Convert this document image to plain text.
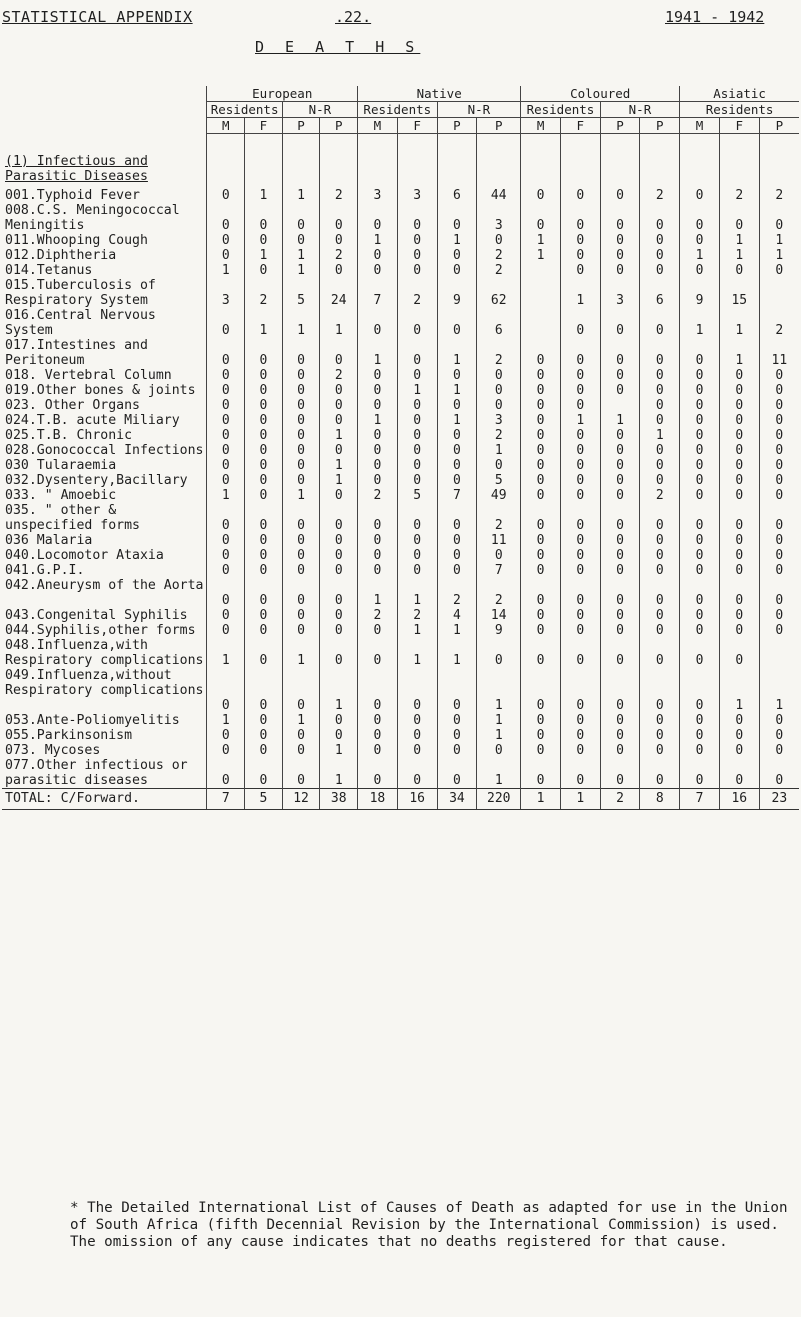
STATISTICAL APPENDIX	.22.	1941 - 1942
D E A T H S
	European				Native				Coloured				Asiatic		
	Residents		N-R		Residents		N-R		Residents		N-R		Residents		
	M	F	P	P	M	F	P	P	M	F	P	P	M	F	P

(1) Infectious and
Parasitic Diseases															

001.Typhoid Fever	0	1	1	2	3	3	6	44	0	0	0	2	0	2	2
008.C.S. Meningococcal Meningitis	0	0	0	0	0	0	0	3	0	0	0	0	0	0	0
011.Whooping Cough	0	0	0	0	1	0	1	0	1	0	0	0	0	1	1
012.Diphtheria	0	1	1	2	0	0	0	2	1	0	0	0	1	1	1
014.Tetanus	1	0	1	0	0	0	0	2		0	0	0	0	0	0
015.Tuberculosis of Respiratory System	3	2	5	24	7	2	9	62		1	3	6	9	15	
016.Central Nervous System	0	1	1	1	0	0	0	6		0	0	0	1	1	2
017.Intestines and Peritoneum	0	0	0	0	1	0	1	2	0	0	0	0	0	1	11
018. Vertebral Column	0	0	0	2	0	0	0	0	0	0	0	0	0	0	0
019.Other bones & joints	0	0	0	0	0	1	1	0	0	0	0	0	0	0	0
023. Other Organs	0	0	0	0	0	0	0	0	0	0		0	0	0	0
024.T.B. acute Miliary	0	0	0	0	1	0	1	3	0	1	1	0	0	0	0
025.T.B. Chronic	0	0	0	1	0	0	0	2	0	0	0	1	0	0	0
028.Gonococcal Infections	0	0	0	0	0	0	0	1	0	0	0	0	0	0	0
030 Tularaemia	0	0	0	1	0	0	0	0	0	0	0	0	0	0	0
032.Dysentery,Bacillary	0	0	0	1	0	0	0	5	0	0	0	0	0	0	0
033. " Amoebic	1	0	1	0	2	5	7	49	0	0	0	2	0	0	0
035. " other & unspecified forms	0	0	0	0	0	0	0	2	0	0	0	0	0	0	0
036 Malaria	0	0	0	0	0	0	0	11	0	0	0	0	0	0	0
040.Locomotor Ataxia	0	0	0	0	0	0	0	0	0	0	0	0	0	0	0
041.G.P.I.	0	0	0	0	0	0	0	7	0	0	0	0	0	0	0
042.Aneurysm of the Aorta	0	0	0	0	1	1	2	2	0	0	0	0	0	0	0
043.Congenital Syphilis	0	0	0	0	2	2	4	14	0	0	0	0	0	0	0
044.Syphilis,other forms	0	0	0	0	0	1	1	9	0	0	0	0	0	0	0
048.Influenza,with Respiratory complications	1	0	1	0	0	1	1	0	0	0	0	0	0	0	
049.Influenza,without Respiratory complications	0	0	0	1	0	0	0	1	0	0	0	0	0	1	1
053.Ante-Poliomyelitis	1	0	1	0	0	0	0	1	0	0	0	0	0	0	0
055.Parkinsonism	0	0	0	0	0	0	0	1	0	0	0	0	0	0	0
073. Mycoses	0	0	0	1	0	0	0	0	0	0	0	0	0	0	0
077.Other infectious or parasitic diseases	0	0	0	1	0	0	0	1	0	0	0	0	0	0	0
TOTAL: C/Forward.	7	5	12	38	18	16	34	220	1	1	2	8	7	16	23

* The Detailed International List of Causes of Death as adapted for use in the Union of South Africa (fifth Decennial Revision by the International Commission) is used. The omission of any cause indicates that no deaths registered for that cause.
